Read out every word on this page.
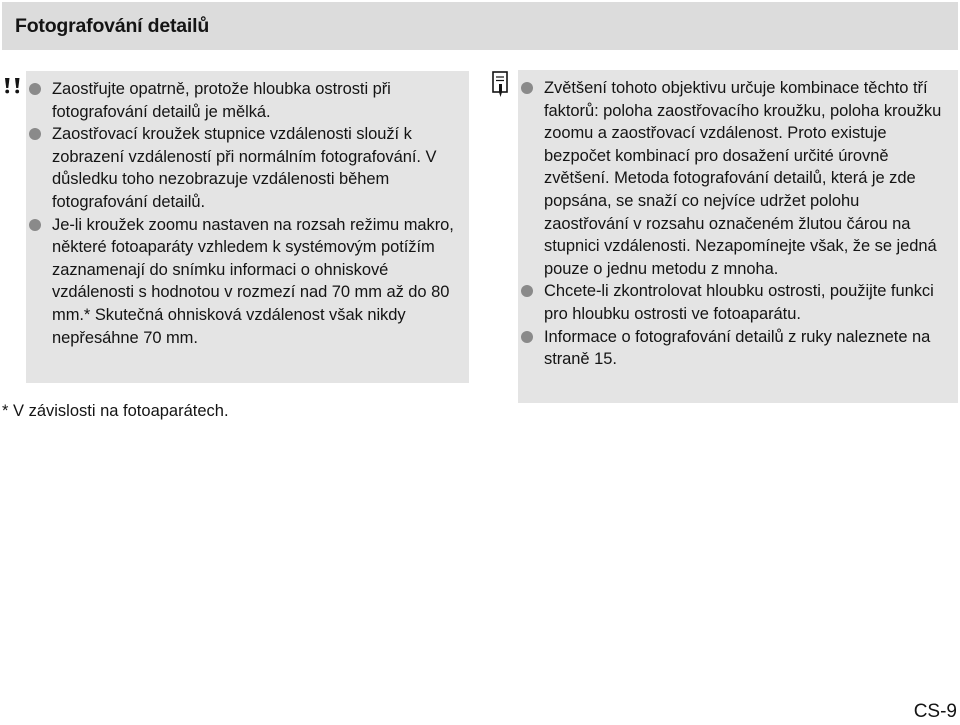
Fotografování detailů
Zaostřujte opatrně, protože hloubka ostrosti při fotografování detailů je mělká.
Zaostřovací kroužek stupnice vzdálenosti slouží k zobrazení vzdáleností při normálním fotografování. V důsledku toho nezobrazuje vzdálenosti během fotografování detailů.
Je-li kroužek zoomu nastaven na rozsah režimu makro, některé fotoaparáty vzhledem k systémovým potížím zaznamenají do snímku informaci o ohniskové vzdálenosti s hodnotou v rozmezí nad 70 mm až do 80 mm.* Skutečná ohnisková vzdálenost však nikdy nepřesáhne 70 mm.
* V závislosti na fotoaparátech.
Zvětšení tohoto objektivu určuje kombinace těchto tří faktorů: poloha zaostřovacího kroužku, poloha kroužku zoomu a zaostřovací vzdálenost. Proto existuje bezpočet kombinací pro dosažení určité úrovně zvětšení. Metoda fotografování detailů, která je zde popsána, se snaží co nejvíce udržet polohu zaostřování v rozsahu označeném žlutou čárou na stupnici vzdálenosti. Nezapomínejte však, že se jedná pouze o jednu metodu z mnoha.
Chcete-li zkontrolovat hloubku ostrosti, použijte funkci pro hloubku ostrosti ve fotoaparátu.
Informace o fotografování detailů z ruky naleznete na straně 15.
CS-9
